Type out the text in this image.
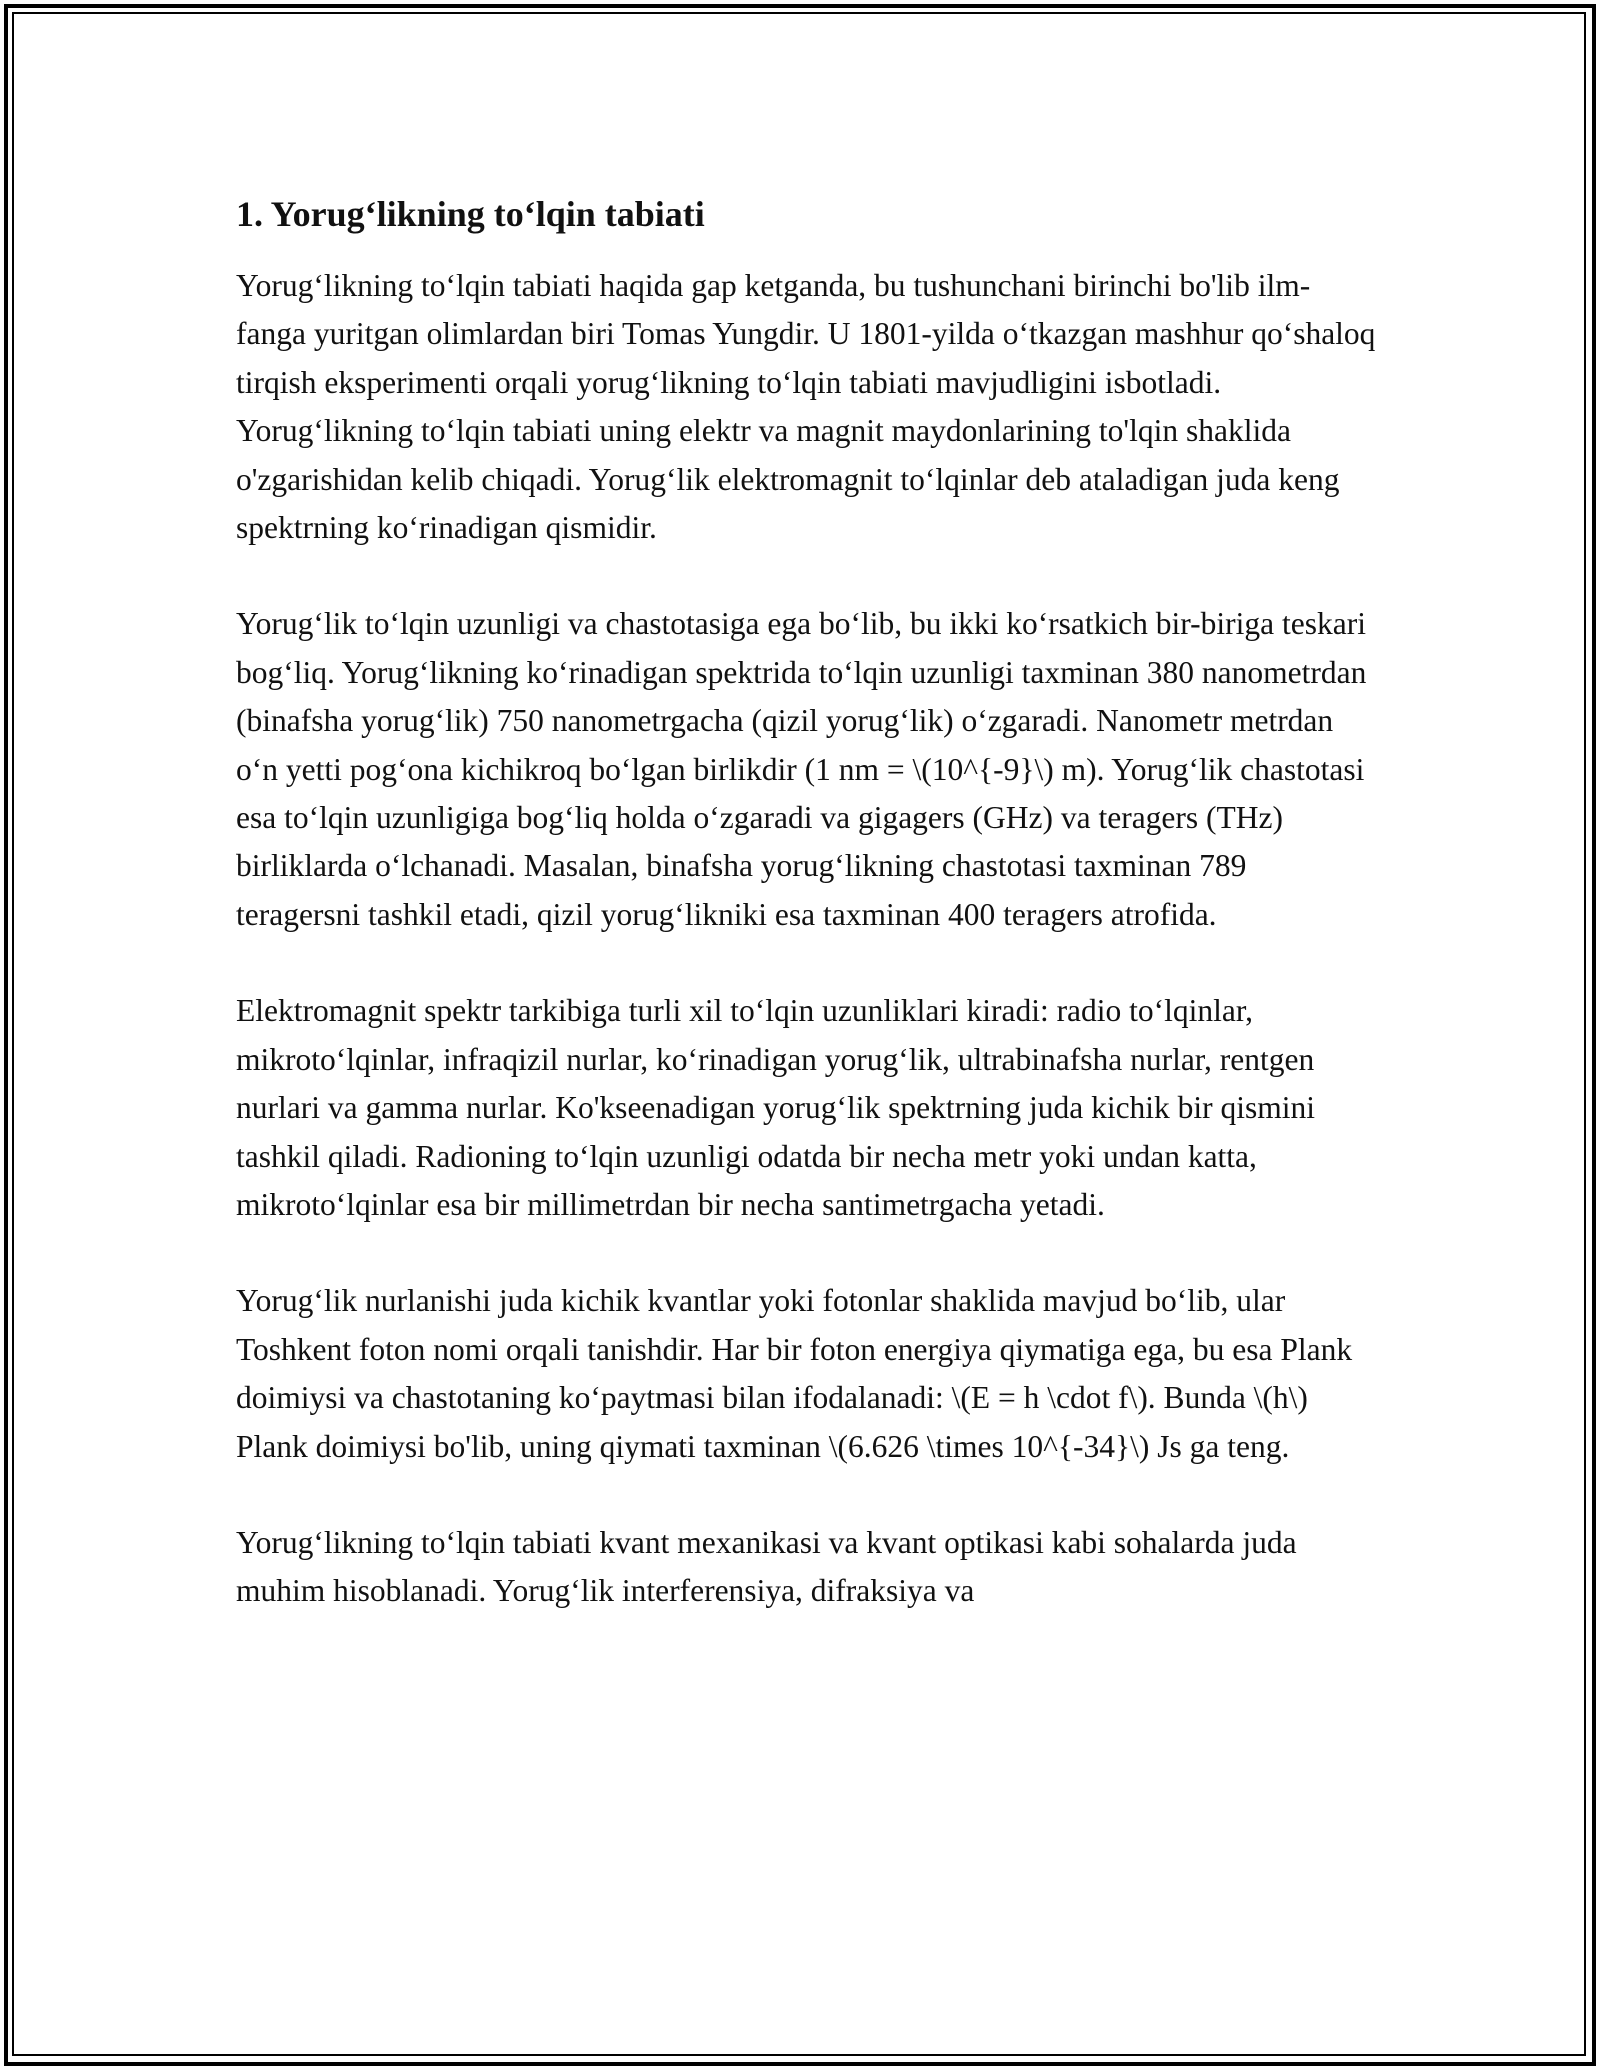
1. Yorug‘likning to‘lqin tabiati

Yorug‘likning to‘lqin tabiati haqida gap ketganda, bu tushunchani birinchi bo'lib ilm-fanga yuritgan olimlardan biri Tomas Yungdir. U 1801-yilda o‘tkazgan mashhur qo‘shaloq tirqish eksperimenti orqali yorug‘likning to‘lqin tabiati mavjudligini isbotladi. Yorug‘likning to‘lqin tabiati uning elektr va magnit maydonlarining to'lqin shaklida o'zgarishidan kelib chiqadi. Yorug‘lik elektromagnit to‘lqinlar deb ataladigan juda keng spektrning ko‘rinadigan qismidir.

Yorug‘lik to‘lqin uzunligi va chastotasiga ega bo‘lib, bu ikki ko‘rsatkich bir-biriga teskari bog‘liq. Yorug‘likning ko‘rinadigan spektrida to‘lqin uzunligi taxminan 380 nanometrdan (binafsha yorug‘lik) 750 nanometrgacha (qizil yorug‘lik) o‘zgaradi. Nanometr metrdan o‘n yetti pog‘ona kichikroq bo‘lgan birlikdir (1 nm = \(10^{-9}\) m). Yorug‘lik chastotasi esa to‘lqin uzunligiga bog‘liq holda o‘zgaradi va gigagers (GHz) va teragers (THz) birliklarda o‘lchanadi. Masalan, binafsha yorug‘likning chastotasi taxminan 789 teragersni tashkil etadi, qizil yorug‘likniki esa taxminan 400 teragers atrofida.

Elektromagnit spektr tarkibiga turli xil to‘lqin uzunliklari kiradi: radio to‘lqinlar, mikroto‘lqinlar, infraqizil nurlar, ko‘rinadigan yorug‘lik, ultrabinafsha nurlar, rentgen nurlari va gamma nurlar. Ko'kseenadigan yorug‘lik spektrning juda kichik bir qismini tashkil qiladi. Radioning to‘lqin uzunligi odatda bir necha metr yoki undan katta, mikroto‘lqinlar esa bir millimetrdan bir necha santimetrgacha yetadi.

Yorug‘lik nurlanishi juda kichik kvantlar yoki fotonlar shaklida mavjud bo‘lib, ular Toshkent foton nomi orqali tanishdir. Har bir foton energiya qiymatiga ega, bu esa Plank doimiysi va chastotaning ko‘paytmasi bilan ifodalanadi: \(E = h \cdot f\). Bunda \(h\) Plank doimiysi bo'lib, uning qiymati taxminan \(6.626 \times 10^{-34}\) Js ga teng.

Yorug‘likning to‘lqin tabiati kvant mexanikasi va kvant optikasi kabi sohalarda juda muhim hisoblanadi. Yorug‘lik interferensiya, difraksiya va
